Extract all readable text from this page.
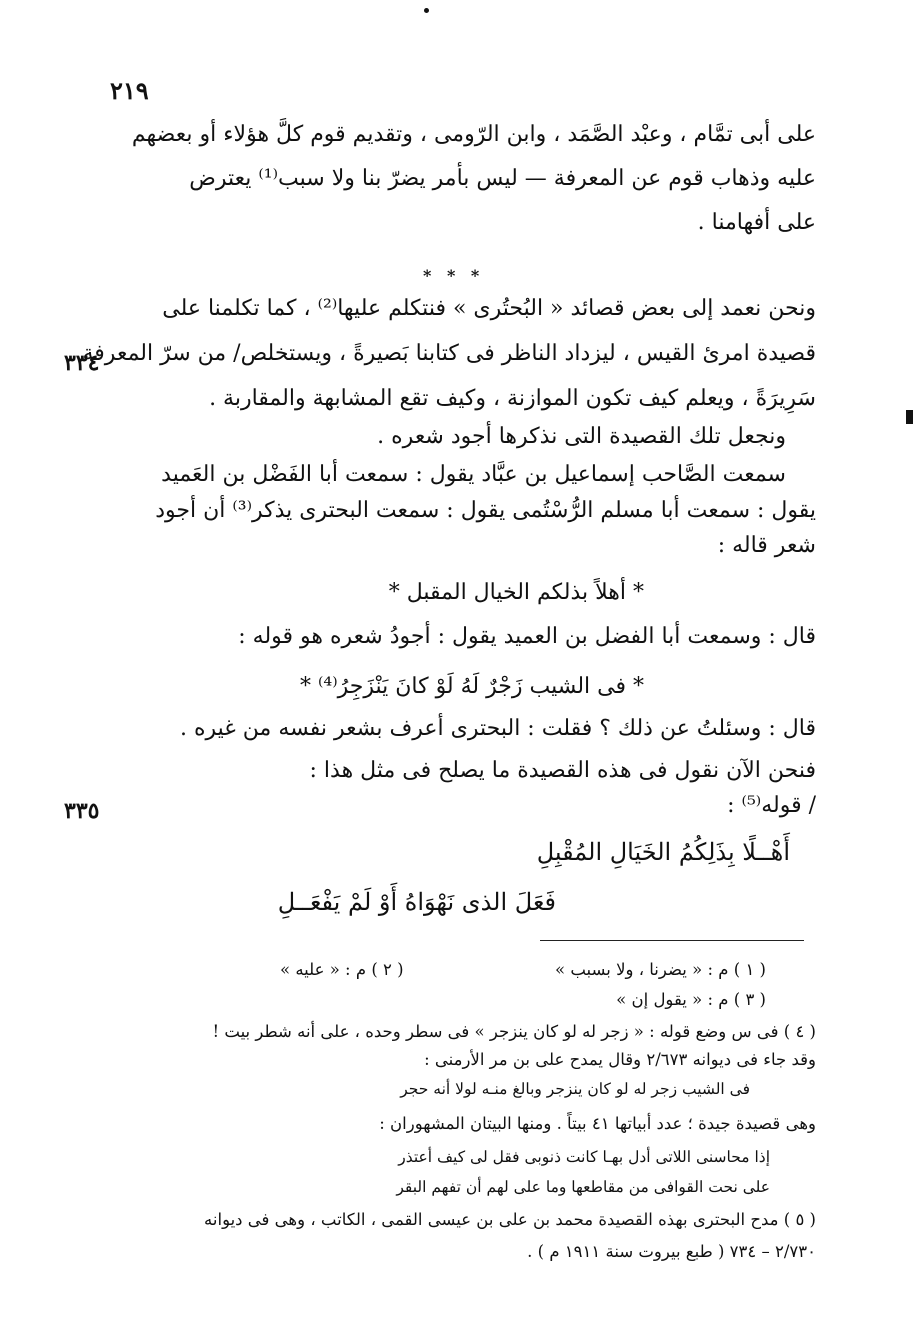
٢١٩
على أبى تمَّام ، وعبْد الصَّمَد ، وابن الرّومى ، وتقديم قوم كلَّ هؤلاء أو بعضهم
عليه وذهاب قوم عن المعرفة — ليس بأمر يضرّ بنا ولا سبب⁽¹⁾ يعترض
على أفهامنا .
* * *
ونحن نعمد إلى بعض قصائد « البُحتُرى » فنتكلم عليها⁽²⁾ ، كما تكلمنا على
قصيدة امرئ القيس ، ليزداد الناظر فى كتابنا بَصيرةً ، ويستخلص/ من سرّ المعرفة
٣٣٤
سَرِيرَةً ، ويعلم كيف تكون الموازنة ، وكيف تقع المشابهة والمقاربة .
ونجعل تلك القصيدة التى نذكرها أجود شعره .
سمعت الصَّاحب إسماعيل بن عبَّاد يقول : سمعت أبا الفَضْل بن العَميد
يقول : سمعت أبا مسلم الرُّسْتُمى يقول : سمعت البحترى يذكر⁽³⁾ أن أجود
شعر قاله :
* أهلاً بذلكم الخيال المقبل *
قال : وسمعت أبا الفضل بن العميد يقول : أجودُ شعره هو قوله :
* فى الشيب زَجْرٌ لَهُ لَوْ كانَ يَنْزَجِرُ⁽⁴⁾ *
قال : وسئلتُ عن ذلك ؟ فقلت : البحترى أعرف بشعر نفسه من غيره .
فنحن الآن نقول فى هذه القصيدة ما يصلح فى مثل هذا :
/ قوله⁽⁵⁾ :
٣٣٥
أَهْــلًا بِذَلِكُمُ الخَيَالِ المُقْبِلِ
فَعَلَ الذى نَهْوَاهُ أَوْ لَمْ يَفْعَــلِ
( ١ ) م : « يضرنا ، ولا بسبب »
( ٢ ) م : « عليه »
( ٣ ) م : « يقول إن »
( ٤ ) فى س وضع قوله : « زجر له لو كان ينزجر » فى سطر وحده ، على أنه شطر بيت !
وقد جاء فى ديوانه ٢/٦٧٣ وقال يمدح على بن مر الأرمنى :
فى الشيب زجر له لو كان ينزجر وبالغ منـه لولا أنه حجر
وهى قصيدة جيدة ؛ عدد أبياتها ٤١ بيتاً . ومنها البيتان المشهوران :
إذا محاسنى اللاتى أدل بهـا كانت ذنوبى فقل لى كيف أعتذر
على نحت القوافى من مقاطعها وما على لهم أن تفهم البقر
( ٥ ) مدح البحترى بهذه القصيدة محمد بن على بن عيسى القمى ، الكاتب ، وهى فى ديوانه
٢/٧٣٠ – ٧٣٤ ( طبع بيروت سنة ١٩١١ م ) .
